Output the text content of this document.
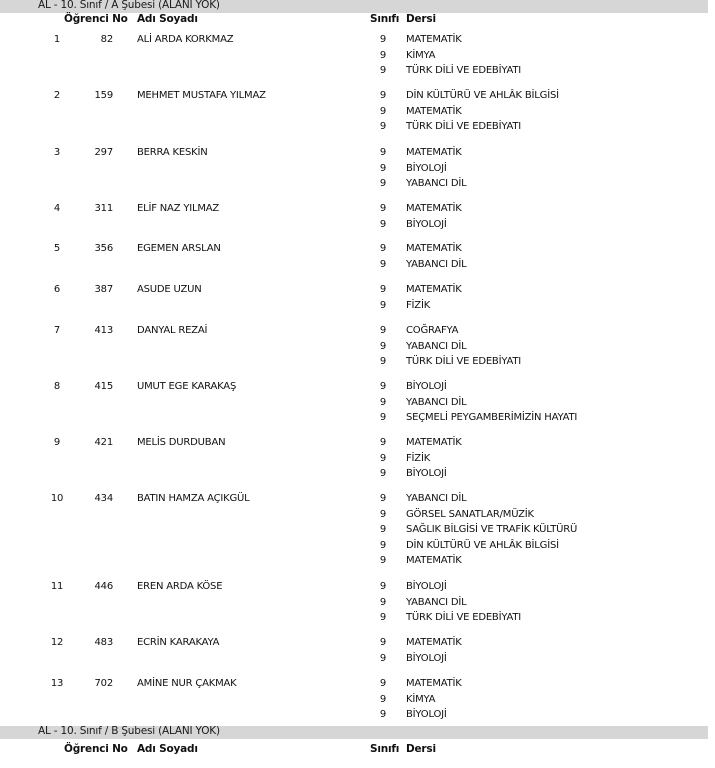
AL - 10. Sınıf / A Şubesi (ALANI YOK)
Öğrenci No Adı Soyadı	Sınıfı Dersi
1	82 ALİ ARDA KORKMAZ	9 MATEMATİK
9 KİMYA
9 TÜRK DİLİ VE EDEBİYATI
2	159 MEHMET MUSTAFA YILMAZ	9 DİN KÜLTÜRÜ VE AHLÂK BİLGİSİ
9 MATEMATİK
9 TÜRK DİLİ VE EDEBİYATI
3	297 BERRA KESKİN	9 MATEMATİK
9 BİYOLOJİ
9 YABANCI DİL
4	311 ELİF NAZ YILMAZ	9 MATEMATİK
9 BİYOLOJİ
5	356 EGEMEN ARSLAN	9 MATEMATİK
9 YABANCI DİL
6	387 ASUDE UZUN	9 MATEMATİK
9 FİZİK
7	413 DANYAL REZAİ	9 COĞRAFYA
9 YABANCI DİL
9 TÜRK DİLİ VE EDEBİYATI
8	415 UMUT EGE KARAKAŞ	9 BİYOLOJİ
9 YABANCI DİL
9 SEÇMELİ PEYGAMBERİMİZİN HAYATI
9	421 MELİS DURDUBAN	9 MATEMATİK
9 FİZİK
9 BİYOLOJİ
10	434 BATIN HAMZA AÇIKGÜL	9 YABANCI DİL
9 GÖRSEL SANATLAR/MÜZİK
9 SAĞLIK BİLGİSİ VE TRAFİK KÜLTÜRÜ
9 DİN KÜLTÜRÜ VE AHLÂK BİLGİSİ
9 MATEMATİK
11	446 EREN ARDA KÖSE	9 BİYOLOJİ
9 YABANCI DİL
9 TÜRK DİLİ VE EDEBİYATI
12	483 ECRİN KARAKAYA	9 MATEMATİK
9 BİYOLOJİ
13	702 AMİNE NUR ÇAKMAK	9 MATEMATİK
9 KİMYA
9 BİYOLOJİ
AL - 10. Sınıf / B Şubesi (ALANI YOK)
Öğrenci No Adı Soyadı	Sınıfı Dersi
